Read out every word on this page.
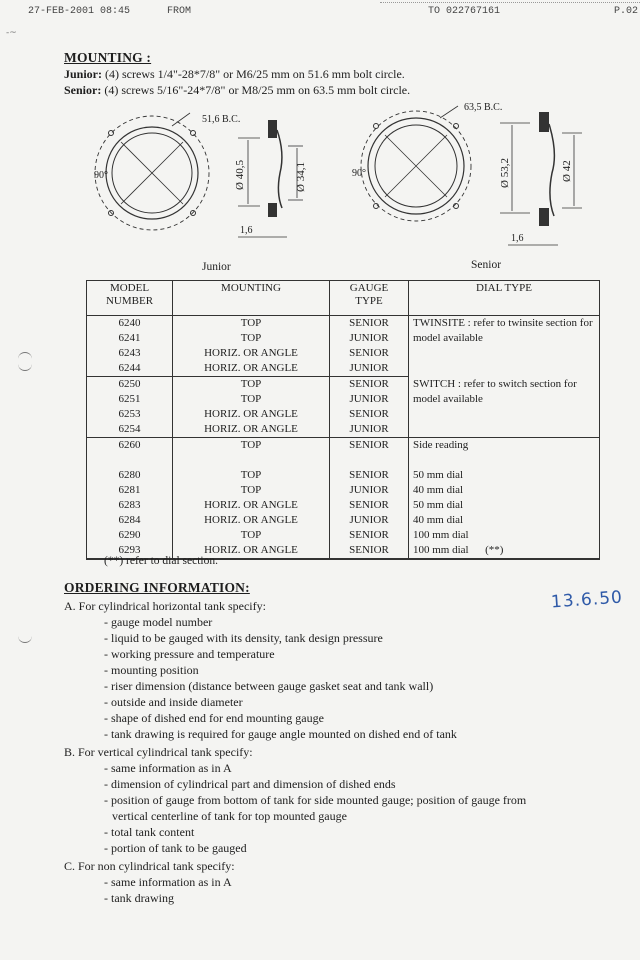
27-FEB-2001 08:45	FROM	TO 022767161	P.02
-~
MOUNTING :
Junior: (4) screws 1/4"-28*7/8" or M6/25 mm on 51.6 mm bolt circle.
Senior: (4) screws 5/16"-24*7/8" or M8/25 mm on 63.5 mm bolt circle.
51,6 B.C.
90°	Ø 40,5	Ø 34,1
1,6
Junior
63,5 B.C.
90°	Ø 53,2	Ø 42
1,6
Senior
MODEL
NUMBER	MOUNTING	GAUGE
TYPE	DIAL TYPE
6240	TOP	SENIOR	TWINSITE : refer to twinsite section for model available
6241	TOP	JUNIOR	
6243	HORIZ. OR ANGLE	SENIOR	
6244	HORIZ. OR ANGLE	JUNIOR	
6250	TOP	SENIOR	SWITCH : refer to switch section for model available
6251	TOP	JUNIOR	
6253	HORIZ. OR ANGLE	SENIOR	
6254	HORIZ. OR ANGLE	JUNIOR	
6260	TOP	SENIOR	Side reading

6280	TOP	SENIOR	50 mm dial
6281	TOP	JUNIOR	40 mm dial
6283	HORIZ. OR ANGLE	SENIOR	50 mm dial
6284	HORIZ. OR ANGLE	JUNIOR	40 mm dial
6290	TOP	SENIOR	100 mm dial
6293	HORIZ. OR ANGLE	SENIOR	100 mm dial      (**)
(**) refer to dial section.
13.6.50
ORDERING INFORMATION:
A. For cylindrical horizontal tank specify:
- gauge model number
- liquid to be gauged with its density, tank design pressure
- working pressure and temperature
- mounting position
- riser dimension (distance between gauge gasket seat and tank wall)
- outside and inside diameter
- shape of dished end for end mounting gauge
- tank drawing is required for gauge angle mounted on dished end of tank
B. For vertical cylindrical tank specify:
- same information as in A
- dimension of cylindrical part and dimension of dished ends
- position of gauge from bottom of tank for side mounted gauge; position of gauge from
vertical centerline of tank for top mounted gauge
- total tank content
- portion of tank to be gauged
C. For non cylindrical tank specify:
- same information as in A
- tank drawing
